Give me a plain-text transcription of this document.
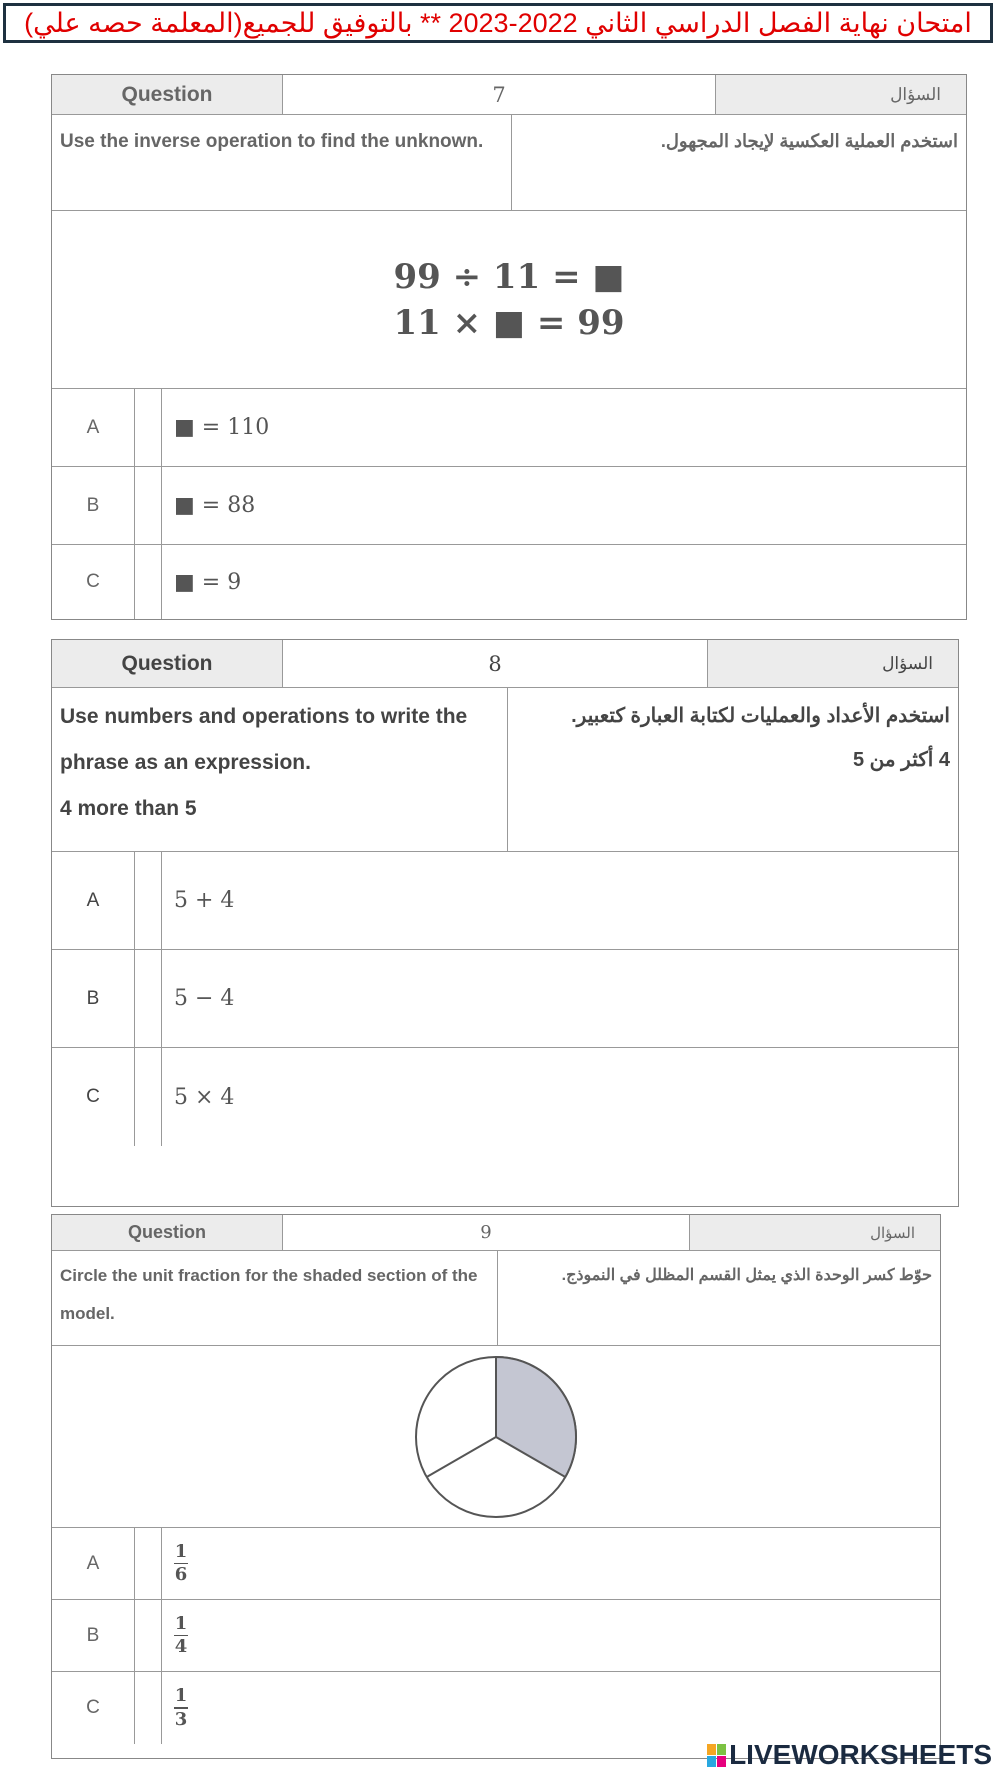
امتحان نهاية الفصل الدراسي الثاني 2022-2023 ** بالتوفيق للجميع(المعلمة حصه علي)
Question	7	السؤال
Use the inverse operation to find the unknown.	استخدم العملية العكسية لإيجاد المجهول.
99 ÷ 11 = ■
11 × ■ = 99
A	■ = 110
B	■ = 88
C	■ = 9
Question	8	السؤال
Use numbers and operations to write the phrase as an expression.
4 more than 5
استخدم الأعداد والعمليات لكتابة العبارة كتعبير.
4 أكثر من 5
A	5 + 4
B	5 − 4
C	5 × 4
Question	9	السؤال
Circle the unit fraction for the shaded section of the model.
حوّط كسر الوحدة الذي يمثل القسم المظلل في النموذج.
A	$\frac{1}{6}$
B	$\frac{1}{4}$
C	$\frac{1}{3}$
LIVEWORKSHEETS
